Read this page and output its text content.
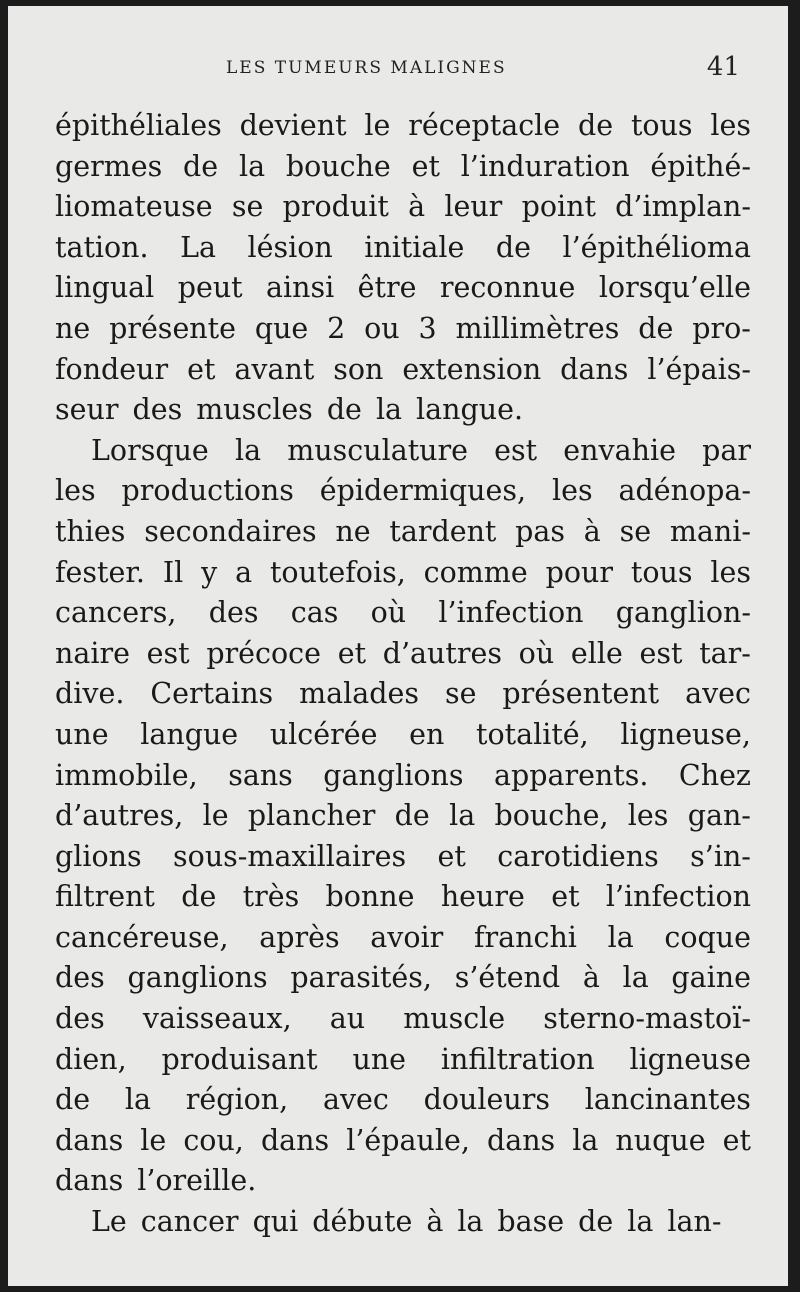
LES TUMEURS MALIGNES	41
épithéliales devient le réceptacle de tous les
germes de la bouche et l’induration épithé-
liomateuse se produit à leur point d’implan-
tation. La lésion initiale de l’épithélioma
lingual peut ainsi être reconnue lorsqu’elle
ne présente que 2 ou 3 millimètres de pro-
fondeur et avant son extension dans l’épais-
seur des muscles de la langue.
Lorsque la musculature est envahie par
les productions épidermiques, les adénopa-
thies secondaires ne tardent pas à se mani-
fester. Il y a toutefois, comme pour tous les
cancers, des cas où l’infection ganglion-
naire est précoce et d’autres où elle est tar-
dive. Certains malades se présentent avec
une langue ulcérée en totalité, ligneuse,
immobile, sans ganglions apparents. Chez
d’autres, le plancher de la bouche, les gan-
glions sous-maxillaires et carotidiens s’in-
filtrent de très bonne heure et l’infection
cancéreuse, après avoir franchi la coque
des ganglions parasités, s’étend à la gaine
des vaisseaux, au muscle sterno-mastoï-
dien, produisant une infiltration ligneuse
de la région, avec douleurs lancinantes
dans le cou, dans l’épaule, dans la nuque et
dans l’oreille.
Le cancer qui débute à la base de la lan-
